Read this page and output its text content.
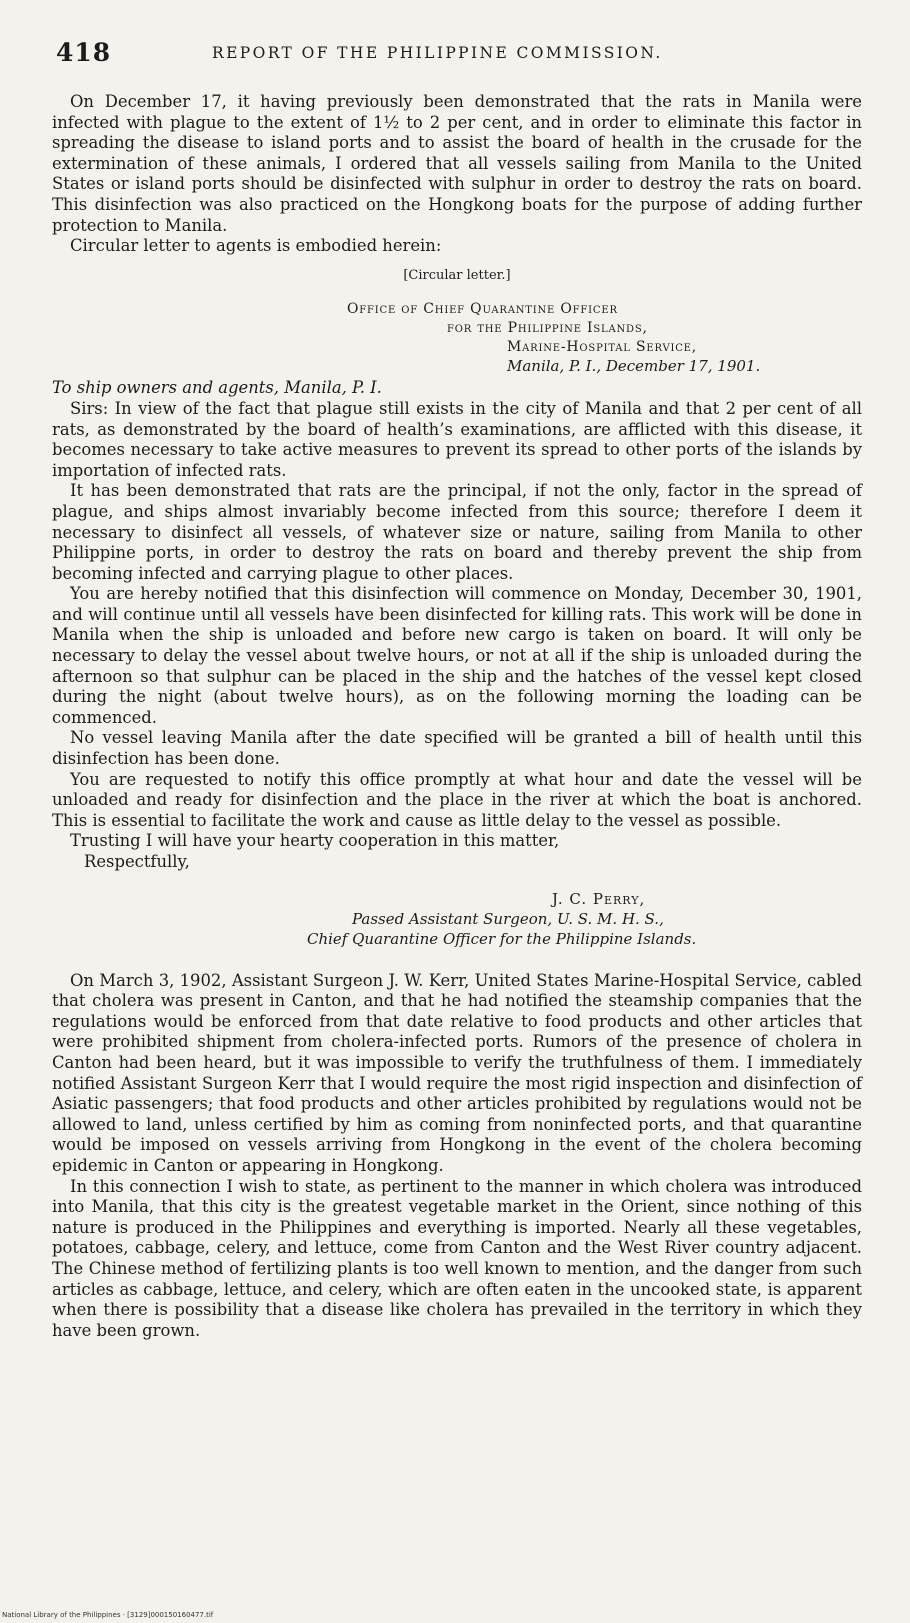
418	REPORT OF THE PHILIPPINE COMMISSION.

On December 17, it having previously been demonstrated that the rats in Manila were infected with plague to the extent of 1½ to 2 per cent, and in order to eliminate this factor in spreading the disease to island ports and to assist the board of health in the crusade for the extermination of these animals, I ordered that all vessels sailing from Manila to the United States or island ports should be disinfected with sulphur in order to destroy the rats on board. This disinfection was also practiced on the Hongkong boats for the purpose of adding further protection to Manila.

Circular letter to agents is embodied herein:

[Circular letter.]
Office of Chief Quarantine Officer
for the Philippine Islands,
Marine-Hospital Service,
Manila, P. I., December 17, 1901.

To ship owners and agents, Manila, P. I.

Sirs: In view of the fact that plague still exists in the city of Manila and that 2 per cent of all rats, as demonstrated by the board of health’s examinations, are afflicted with this disease, it becomes necessary to take active measures to prevent its spread to other ports of the islands by importation of infected rats.

It has been demonstrated that rats are the principal, if not the only, factor in the spread of plague, and ships almost invariably become infected from this source; therefore I deem it necessary to disinfect all vessels, of whatever size or nature, sailing from Manila to other Philippine ports, in order to destroy the rats on board and thereby prevent the ship from becoming infected and carrying plague to other places.

You are hereby notified that this disinfection will commence on Monday, December 30, 1901, and will continue until all vessels have been disinfected for killing rats. This work will be done in Manila when the ship is unloaded and before new cargo is taken on board. It will only be necessary to delay the vessel about twelve hours, or not at all if the ship is unloaded during the afternoon so that sulphur can be placed in the ship and the hatches of the vessel kept closed during the night (about twelve hours), as on the following morning the loading can be commenced.

No vessel leaving Manila after the date specified will be granted a bill of health until this disinfection has been done.

You are requested to notify this office promptly at what hour and date the vessel will be unloaded and ready for disinfection and the place in the river at which the boat is anchored. This is essential to facilitate the work and cause as little delay to the vessel as possible.

Trusting I will have your hearty cooperation in this matter,

Respectfully,

J. C. Perry,
Passed Assistant Surgeon, U. S. M. H. S.,
Chief Quarantine Officer for the Philippine Islands.

On March 3, 1902, Assistant Surgeon J. W. Kerr, United States Marine-Hospital Service, cabled that cholera was present in Canton, and that he had notified the steamship companies that the regulations would be enforced from that date relative to food products and other articles that were prohibited shipment from cholera-infected ports. Rumors of the presence of cholera in Canton had been heard, but it was impossible to verify the truthfulness of them. I immediately notified Assistant Surgeon Kerr that I would require the most rigid inspection and disinfection of Asiatic passengers; that food products and other articles prohibited by regulations would not be allowed to land, unless certified by him as coming from noninfected ports, and that quarantine would be imposed on vessels arriving from Hongkong in the event of the cholera becoming epidemic in Canton or appearing in Hongkong.

In this connection I wish to state, as pertinent to the manner in which cholera was introduced into Manila, that this city is the greatest vegetable market in the Orient, since nothing of this nature is produced in the Philippines and everything is imported. Nearly all these vegetables, potatoes, cabbage, celery, and lettuce, come from Canton and the West River country adjacent. The Chinese method of fertilizing plants is too well known to mention, and the danger from such articles as cabbage, lettuce, and celery, which are often eaten in the uncooked state, is apparent when there is possibility that a disease like cholera has prevailed in the territory in which they have been grown.

National Library of the Philippines · [3129]000150160477.tif
